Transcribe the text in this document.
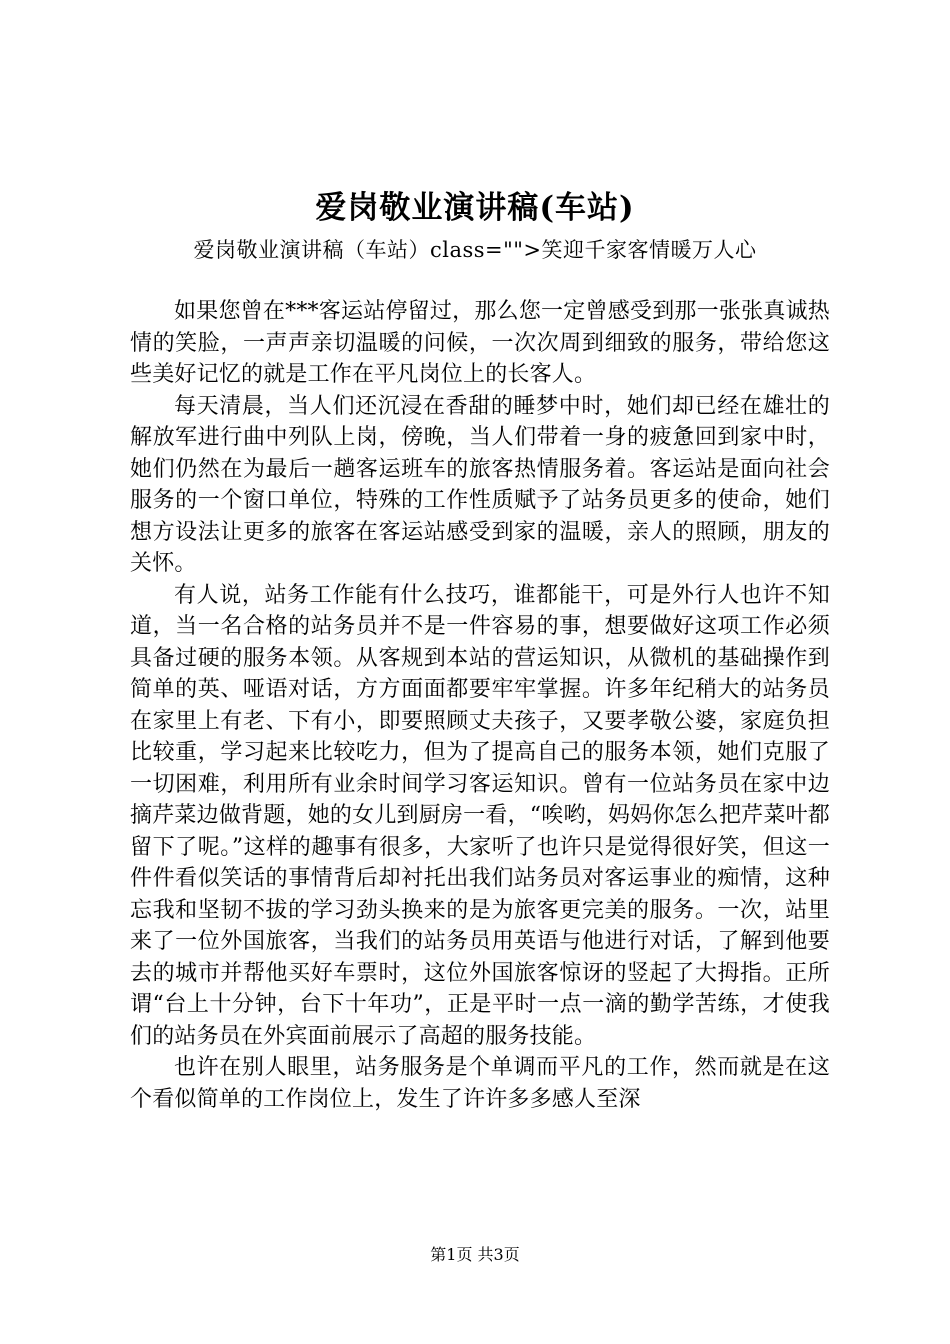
爱岗敬业演讲稿(车站)
爱岗敬业演讲稿（车站）class="">笑迎千家客情暖万人心

如果您曾在***客运站停留过，那么您一定曾感受到那一张张真诚热情的笑脸，一声声亲切温暖的问候，一次次周到细致的服务，带给您这些美好记忆的就是工作在平凡岗位上的长客人。

每天清晨，当人们还沉浸在香甜的睡梦中时，她们却已经在雄壮的解放军进行曲中列队上岗，傍晚，当人们带着一身的疲惫回到家中时，她们仍然在为最后一趟客运班车的旅客热情服务着。客运站是面向社会服务的一个窗口单位，特殊的工作性质赋予了站务员更多的使命，她们想方设法让更多的旅客在客运站感受到家的温暖，亲人的照顾，朋友的关怀。

有人说，站务工作能有什么技巧，谁都能干，可是外行人也许不知道，当一名合格的站务员并不是一件容易的事，想要做好这项工作必须具备过硬的服务本领。从客规到本站的营运知识，从微机的基础操作到简单的英、哑语对话，方方面面都要牢牢掌握。许多年纪稍大的站务员在家里上有老、下有小，即要照顾丈夫孩子，又要孝敬公婆，家庭负担比较重，学习起来比较吃力，但为了提高自己的服务本领，她们克服了一切困难，利用所有业余时间学习客运知识。曾有一位站务员在家中边摘芹菜边做背题，她的女儿到厨房一看，“唉哟，妈妈你怎么把芹菜叶都留下了呢。”这样的趣事有很多，大家听了也许只是觉得很好笑，但这一件件看似笑话的事情背后却衬托出我们站务员对客运事业的痴情，这种忘我和坚韧不拔的学习劲头换来的是为旅客更完美的服务。一次，站里来了一位外国旅客，当我们的站务员用英语与他进行对话，了解到他要去的城市并帮他买好车票时，这位外国旅客惊讶的竖起了大拇指。正所谓“台上十分钟，台下十年功”，正是平时一点一滴的勤学苦练，才使我们的站务员在外宾面前展示了高超的服务技能。

也许在别人眼里，站务服务是个单调而平凡的工作，然而就是在这个看似简单的工作岗位上，发生了许许多多感人至深

第1页 共3页
